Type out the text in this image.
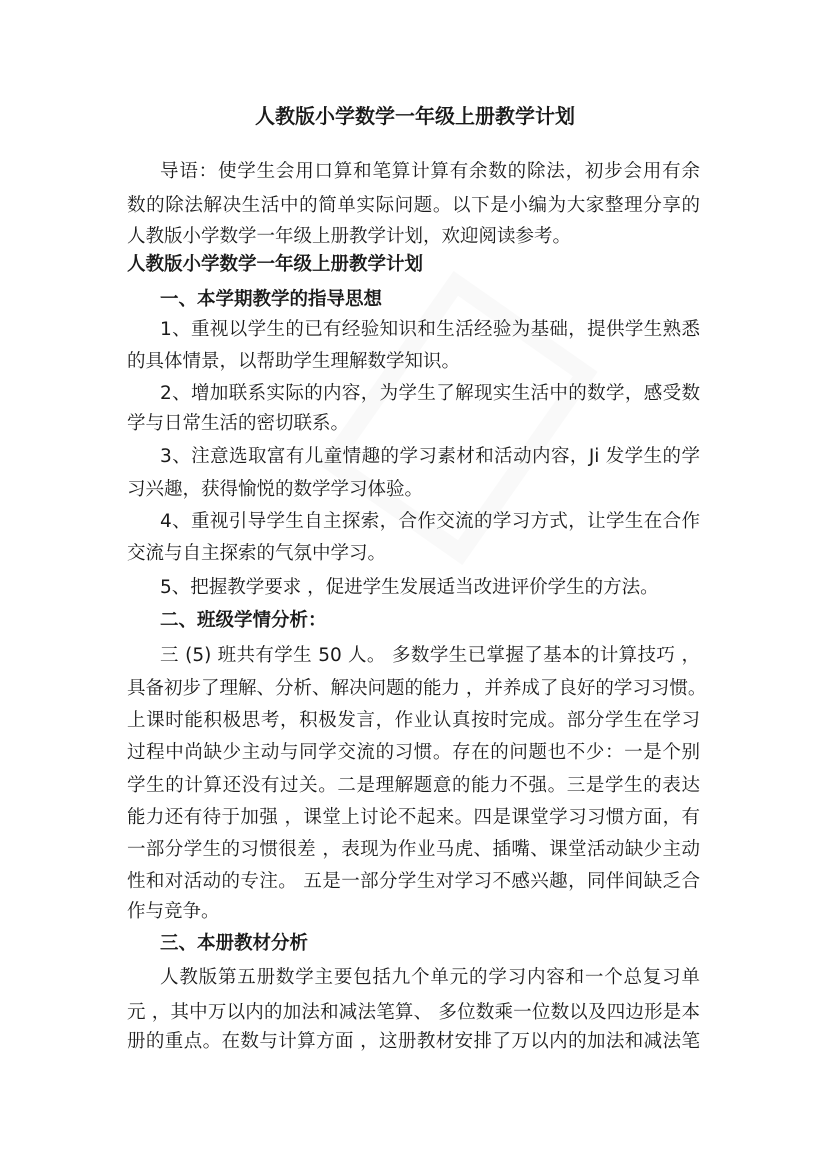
人教版小学数学一年级上册教学计划
导语：使学生会用口算和笔算计算有余数的除法，初步会用有余
数的除法解决生活中的简单实际问题。以下是小编为大家整理分享的
人教版小学数学一年级上册教学计划，欢迎阅读参考。
人教版小学数学一年级上册教学计划
一、本学期教学的指导思想
1、重视以学生的已有经验知识和生活经验为基础，提供学生熟悉
的具体情景，以帮助学生理解数学知识。
2、增加联系实际的内容，为学生了解现实生活中的数学，感受数
学与日常生活的密切联系。
3、注意选取富有儿童情趣的学习素材和活动内容，Ji 发学生的学
习兴趣，获得愉悦的数学学习体验。
4、重视引导学生自主探索，合作交流的学习方式，让学生在合作
交流与自主探索的气氛中学习。
5、把握教学要求 ，促进学生发展适当改进评价学生的方法。
二、班级学情分析：
三 (5) 班共有学生 50 人。 多数学生已掌握了基本的计算技巧 ，
具备初步了理解、分析、解决问题的能力 ，并养成了良好的学习习惯。
上课时能积极思考，积极发言，作业认真按时完成。部分学生在学习
过程中尚缺少主动与同学交流的习惯。存在的问题也不少：一是个别
学生的计算还没有过关。二是理解题意的能力不强。三是学生的表达
能力还有待于加强 ，课堂上讨论不起来。四是课堂学习习惯方面，有
一部分学生的习惯很差 ，表现为作业马虎、插嘴、课堂活动缺少主动
性和对活动的专注。 五是一部分学生对学习不感兴趣，同伴间缺乏合
作与竞争。
三、本册教材分析
人教版第五册数学主要包括九个单元的学习内容和一个总复习单
元 ，其中万以内的加法和减法笔算、 多位数乘一位数以及四边形是本
册的重点。在数与计算方面 ，这册教材安排了万以内的加法和减法笔
